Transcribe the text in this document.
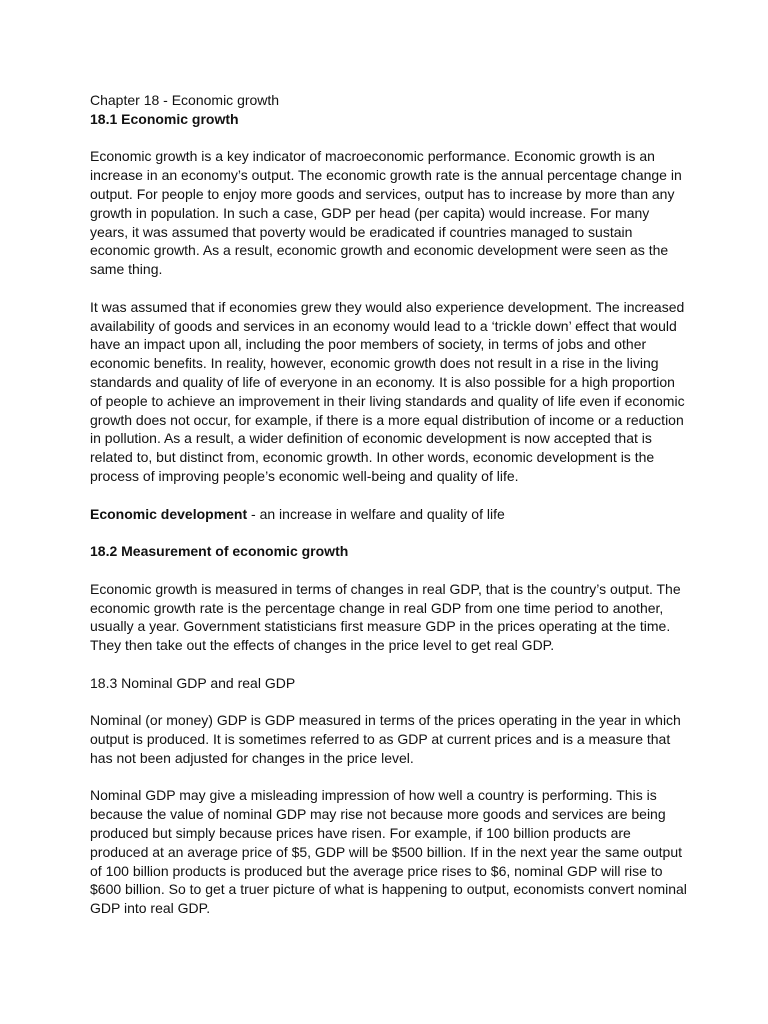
Chapter 18 - Economic growth

18.1 Economic growth

Economic growth is a key indicator of macroeconomic performance. Economic growth is an increase in an economy’s output. The economic growth rate is the annual percentage change in output. For people to enjoy more goods and services, output has to increase by more than any growth in population. In such a case, GDP per head (per capita) would increase. For many years, it was assumed that poverty would be eradicated if countries managed to sustain economic growth. As a result, economic growth and economic development were seen as the same thing.

It was assumed that if economies grew they would also experience development. The increased availability of goods and services in an economy would lead to a ‘trickle down’ effect that would have an impact upon all, including the poor members of society, in terms of jobs and other economic benefits. In reality, however, economic growth does not result in a rise in the living standards and quality of life of everyone in an economy. It is also possible for a high proportion of people to achieve an improvement in their living standards and quality of life even if economic growth does not occur, for example, if there is a more equal distribution of income or a reduction in pollution. As a result, a wider definition of economic development is now accepted that is related to, but distinct from, economic growth. In other words, economic development is the process of improving people’s economic well-being and quality of life.

Economic development - an increase in welfare and quality of life

18.2 Measurement of economic growth

Economic growth is measured in terms of changes in real GDP, that is the country’s output. The economic growth rate is the percentage change in real GDP from one time period to another, usually a year. Government statisticians first measure GDP in the prices operating at the time. They then take out the effects of changes in the price level to get real GDP.

18.3 Nominal GDP and real GDP

Nominal (or money) GDP is GDP measured in terms of the prices operating in the year in which output is produced. It is sometimes referred to as GDP at current prices and is a measure that has not been adjusted for changes in the price level.

Nominal GDP may give a misleading impression of how well a country is performing. This is because the value of nominal GDP may rise not because more goods and services are being produced but simply because prices have risen. For example, if 100 billion products are produced at an average price of $5, GDP will be $500 billion. If in the next year the same output of 100 billion products is produced but the average price rises to $6, nominal GDP will rise to $600 billion. So to get a truer picture of what is happening to output, economists convert nominal GDP into real GDP.
